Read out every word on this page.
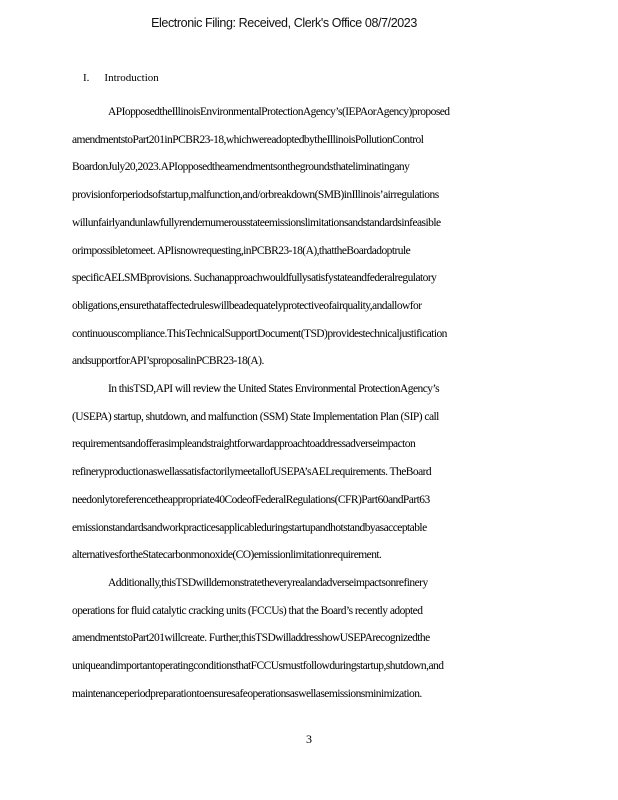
Electronic Filing: Received, Clerk's Office 08/7/2023
I. Introduction

APIopposedtheIllinoisEnvironmentalProtectionAgency’s(IEPAorAgency)proposed
amendmentstoPart201inPCBR23-18,whichwereadoptedbytheIllinoisPollutionControl
BoardonJuly20,2023.APIopposedtheamendmentsonthegroundsthateliminatingany
provisionforperiodsofstartup,malfunction,and/orbreakdown(SMB)inIllinois’airregulations
willunfairlyandunlawfullyrendernumerousstateemissionslimitationsandstandardsinfeasible
orimpossibletomeet. APIisnowrequesting,inPCBR23-18(A),thattheBoardadoptrule
specificAELSMBprovisions. Suchanapproachwouldfullysatisfystateandfederalregulatory
obligations,ensurethataffectedruleswillbeadequatelyprotectiveofairquality,andallowfor
continuouscompliance.ThisTechnicalSupportDocument(TSD)providestechnicaljustification
andsupportforAPI’sproposalinPCBR23-18(A).

In thisTSD,API will review the United States Environmental ProtectionAgency’s
(USEPA) startup, shutdown, and malfunction (SSM) State Implementation Plan (SIP) call
requirementsandofferasimpleandstraightforwardapproachtoaddressadverseimpacton
refineryproductionaswellassatisfactorilymeetallofUSEPA’sAELrequirements. TheBoard
needonlytoreferencetheappropriate40CodeofFederalRegulations(CFR)Part60andPart63
emissionstandardsandworkpracticesapplicableduringstartupandhotstandbyasacceptable
alternativesfortheStatecarbonmonoxide(CO)emissionlimitationrequirement.

Additionally,thisTSDwilldemonstratetheveryrealandadverseimpactsonrefinery
operations for fluid catalytic cracking units (FCCUs) that the Board’s recently adopted
amendmentstoPart201willcreate. Further,thisTSDwilladdresshowUSEPArecognizedthe
uniqueandimportantoperatingconditionsthatFCCUsmustfollowduringstartup,shutdown,and
maintenanceperiodpreparationtoensuresafeoperationsaswellasemissionsminimization.

3
